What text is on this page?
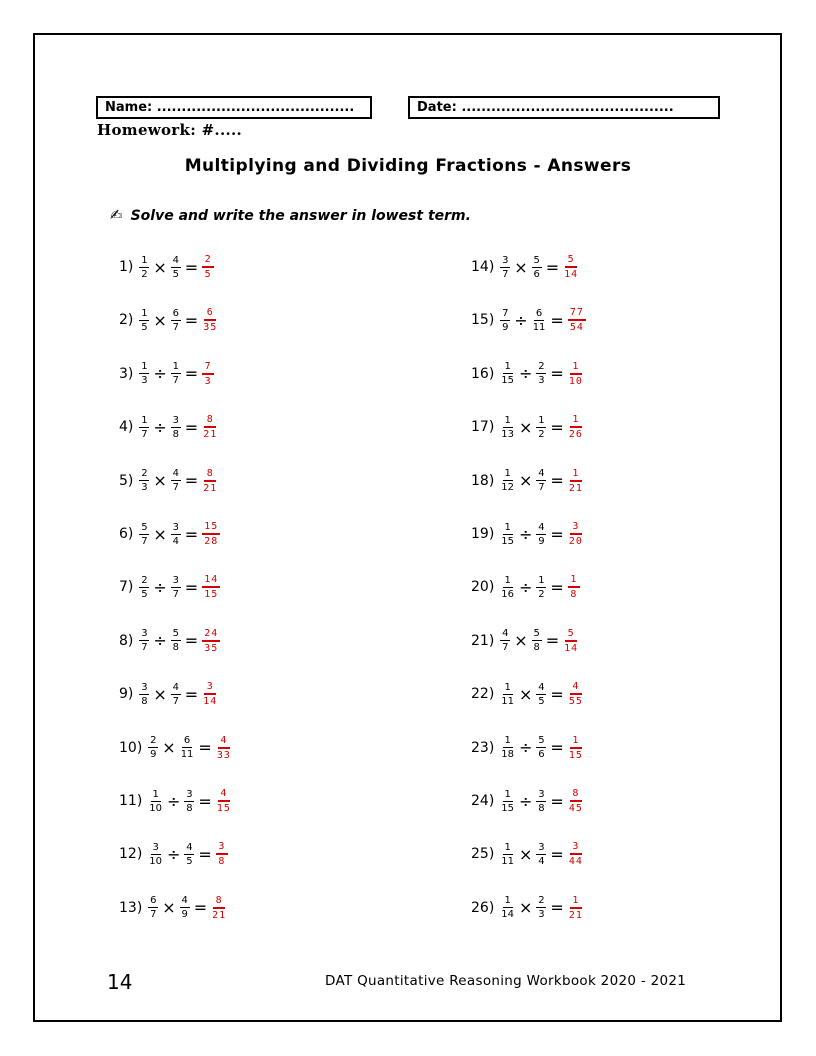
Name: ........................................	Date: ...........................................
Homework: #.....
Multiplying and Dividing Fractions - Answers
✍ Solve and write the answer in lowest term.
$1) \frac{1}{2} \times \frac{4}{5} = \frac{2}{5}$
$2) \frac{1}{5} \times \frac{6}{7} = \frac{6}{35}$
$3) \frac{1}{3} \div \frac{1}{7} = \frac{7}{3}$
$4) \frac{1}{7} \div \frac{3}{8} = \frac{8}{21}$
$5) \frac{2}{3} \times \frac{4}{7} = \frac{8}{21}$
$6) \frac{5}{7} \times \frac{3}{4} = \frac{15}{28}$
$7) \frac{2}{5} \div \frac{3}{7} = \frac{14}{15}$
$8) \frac{3}{7} \div \frac{5}{8} = \frac{24}{35}$
$9) \frac{3}{8} \times \frac{4}{7} = \frac{3}{14}$
$10) \frac{2}{9} \times \frac{6}{11} = \frac{4}{33}$
$11) \frac{1}{10} \div \frac{3}{8} = \frac{4}{15}$
$12) \frac{3}{10} \div \frac{4}{5} = \frac{3}{8}$
$13) \frac{6}{7} \times \frac{4}{9} = \frac{8}{21}$
$14) \frac{3}{7} \times \frac{5}{6} = \frac{5}{14}$
$15) \frac{7}{9} \div \frac{6}{11} = \frac{77}{54}$
$16) \frac{1}{15} \div \frac{2}{3} = \frac{1}{10}$
$17) \frac{1}{13} \times \frac{1}{2} = \frac{1}{26}$
$18) \frac{1}{12} \times \frac{4}{7} = \frac{1}{21}$
$19) \frac{1}{15} \div \frac{4}{9} = \frac{3}{20}$
$20) \frac{1}{16} \div \frac{1}{2} = \frac{1}{8}$
$21) \frac{4}{7} \times \frac{5}{8} = \frac{5}{14}$
$22) \frac{1}{11} \times \frac{4}{5} = \frac{4}{55}$
$23) \frac{1}{18} \div \frac{5}{6} = \frac{1}{15}$
$24) \frac{1}{15} \div \frac{3}{8} = \frac{8}{45}$
$25) \frac{1}{11} \times \frac{3}{4} = \frac{3}{44}$
$26) \frac{1}{14} \times \frac{2}{3} = \frac{1}{21}$
14	DAT Quantitative Reasoning Workbook 2020 - 2021
